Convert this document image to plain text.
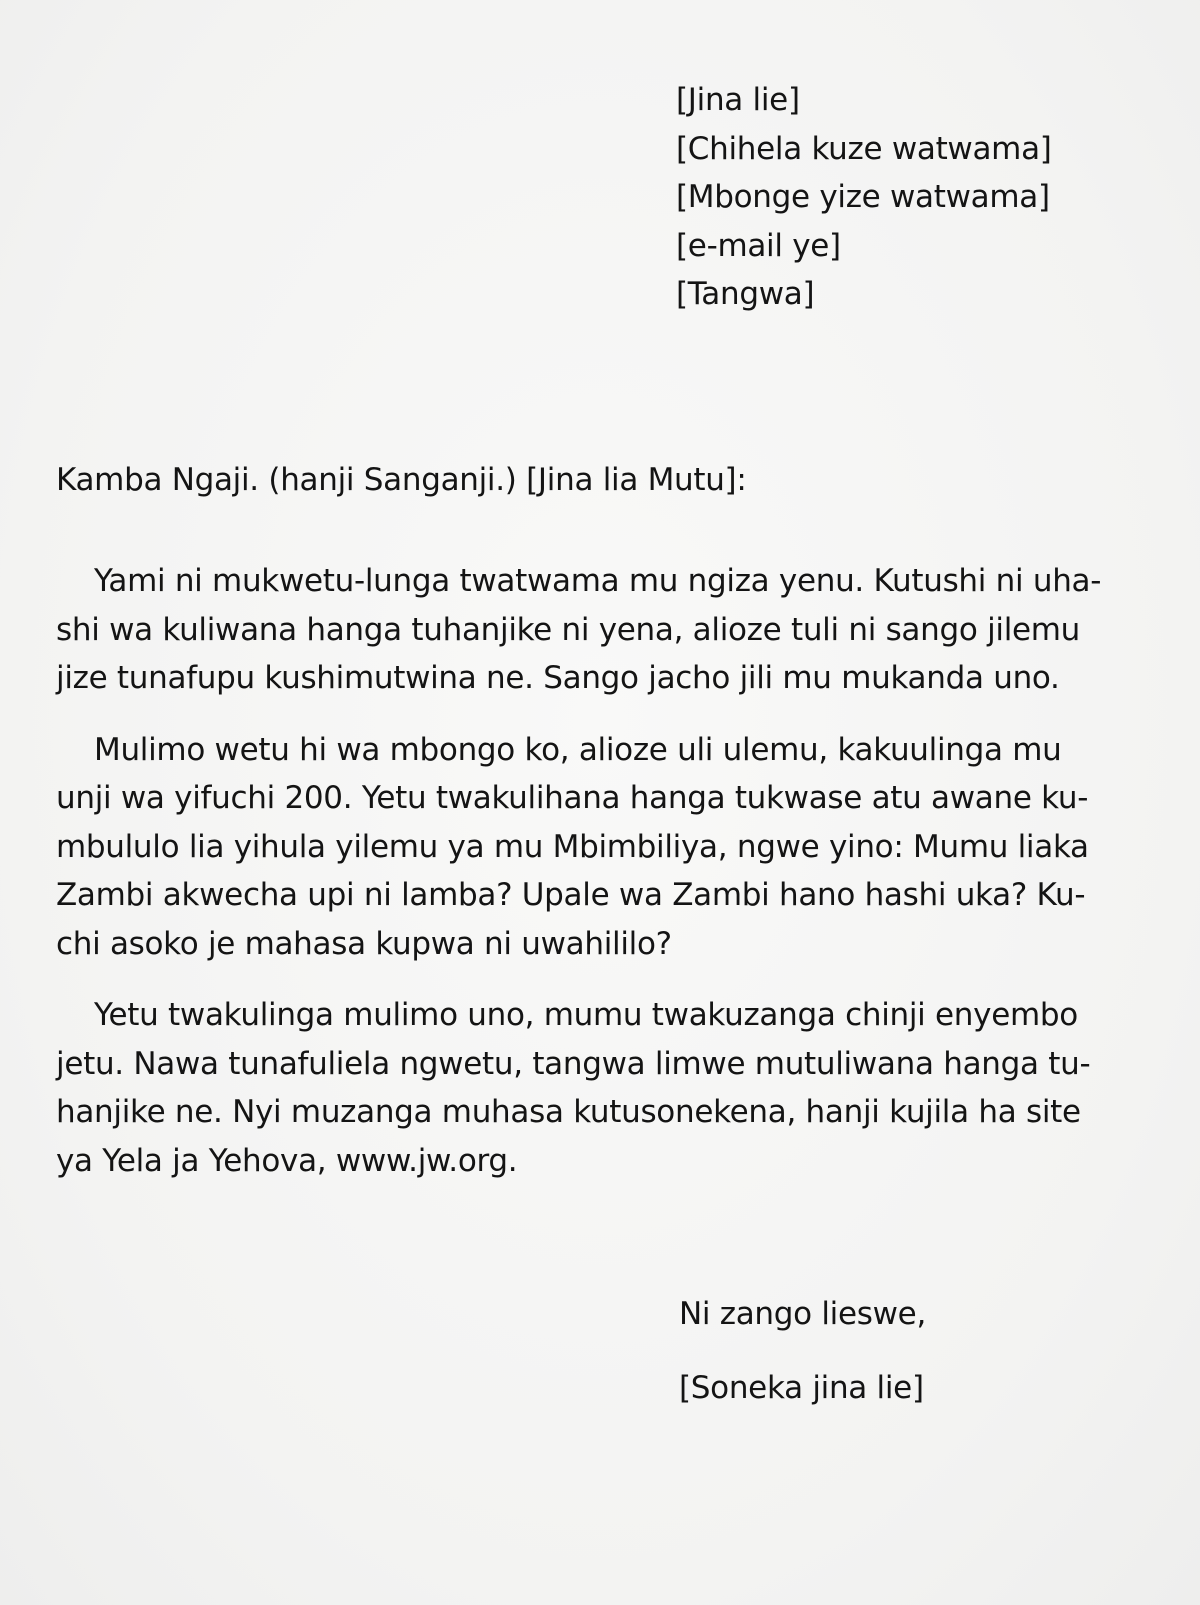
[Jina lie]
[Chihela kuze watwama]
[Mbonge yize watwama]
[e-mail ye]
[Tangwa]
Kamba Ngaji. (hanji Sanganji.) [Jina lia Mutu]:
Yami ni mukwetu-lunga twatwama mu ngiza yenu. Kutushi ni uha-
shi wa kuliwana hanga tuhanjike ni yena, alioze tuli ni sango jilemu
jize tunafupu kushimutwina ne. Sango jacho jili mu mukanda uno.
Mulimo wetu hi wa mbongo ko, alioze uli ulemu, kakuulinga mu
unji wa yifuchi 200. Yetu twakulihana hanga tukwase atu awane ku-
mbululo lia yihula yilemu ya mu Mbimbiliya, ngwe yino: Mumu liaka
Zambi akwecha upi ni lamba? Upale wa Zambi hano hashi uka? Ku-
chi asoko je mahasa kupwa ni uwahililo?
Yetu twakulinga mulimo uno, mumu twakuzanga chinji enyembo
jetu. Nawa tunafuliela ngwetu, tangwa limwe mutuliwana hanga tu-
hanjike ne. Nyi muzanga muhasa kutusonekena, hanji kujila ha site
ya Yela ja Yehova, www.jw.org.
Ni zango lieswe,
[Soneka jina lie]
